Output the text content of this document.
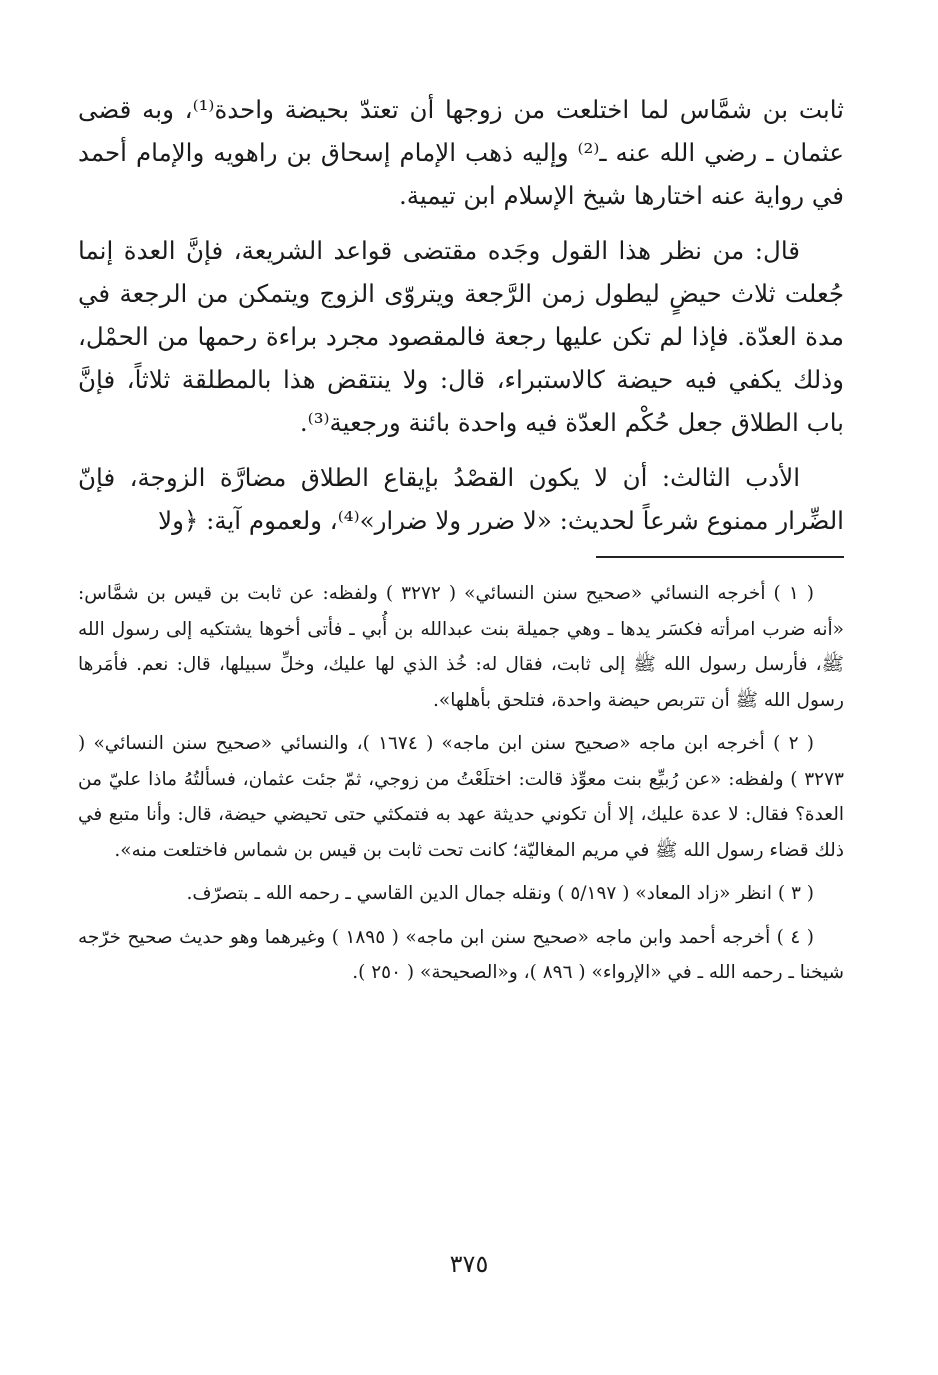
ثابت بن شمَّاس لما اختلعت من زوجها أن تعتدّ بحيضة واحدة⁽¹⁾، وبه قضى عثمان ـ رضي الله عنه ـ⁽²⁾ وإليه ذهب الإمام إسحاق بن راهويه والإمام أحمد في رواية عنه اختارها شيخ الإسلام ابن تيمية.

قال: من نظر هذا القول وجَده مقتضى قواعد الشريعة، فإنَّ العدة إنما جُعلت ثلاث حيضٍ ليطول زمن الرَّجعة ويتروّى الزوج ويتمكن من الرجعة في مدة العدّة. فإذا لم تكن عليها رجعة فالمقصود مجرد براءة رحمها من الحمْل، وذلك يكفي فيه حيضة كالاستبراء، قال: ولا ينتقض هذا بالمطلقة ثلاثاً، فإنَّ باب الطلاق جعل حُكْم العدّة فيه واحدة بائنة ورجعية⁽³⁾.

الأدب الثالث: أن لا يكون القصْدُ بإيقاع الطلاق مضارَّة الزوجة، فإنّ الضِّرار ممنوع شرعاً لحديث: «لا ضرر ولا ضرار»⁽⁴⁾، ولعموم آية: ﴿ولا

( ١ ) أخرجه النسائي «صحيح سنن النسائي» ( ٣٢٧٢ ) ولفظه: عن ثابت بن قيس بن شمَّاس: «أنه ضرب امرأته فكسَر يدها ـ وهي جميلة بنت عبدالله بن أُبي ـ فأتى أخوها يشتكيه إلى رسول الله ﷺ، فأرسل رسول الله ﷺ إلى ثابت، فقال له: خُذ الذي لها عليك، وخلِّ سبيلها، قال: نعم. فأمَرها رسول الله ﷺ أن تتربص حيضة واحدة، فتلحق بأهلها».

( ٢ ) أخرجه ابن ماجه «صحيح سنن ابن ماجه» ( ١٦٧٤ )، والنسائي «صحيح سنن النسائي» ( ٣٢٧٣ ) ولفظه: «عن رُبيِّع بنت معوِّذ قالت: اختلَعْتُ من زوجي، ثمّ جئت عثمان، فسألتُهُ ماذا عليّ من العدة؟ فقال: لا عدة عليك، إلا أن تكوني حديثة عهد به فتمكثي حتى تحيضي حيضة، قال: وأنا متبع في ذلك قضاء رسول الله ﷺ في مريم المغاليّة؛ كانت تحت ثابت بن قيس بن شماس فاختلعت منه».

( ٣ ) انظر «زاد المعاد» ( ٥/١٩٧ ) ونقله جمال الدين القاسي ـ رحمه الله ـ بتصرّف.

( ٤ ) أخرجه أحمد وابن ماجه «صحيح سنن ابن ماجه» ( ١٨٩٥ ) وغيرهما وهو حديث صحيح خرّجه شيخنا ـ رحمه الله ـ في «الإرواء» ( ٨٩٦ )، و«الصحيحة» ( ٢٥٠ ).

٣٧٥
